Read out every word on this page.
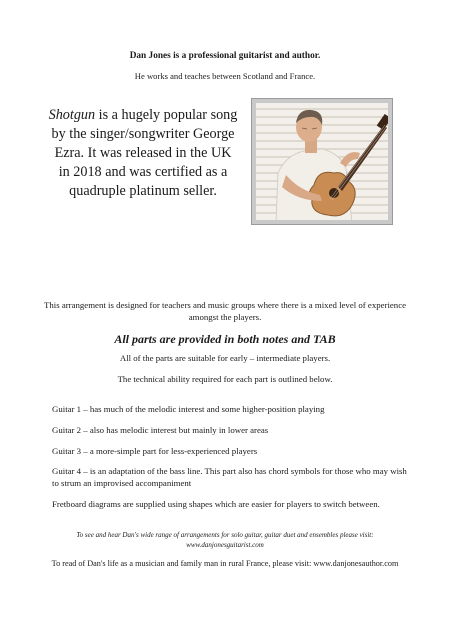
Dan Jones is a professional guitarist and author.
He works and teaches between Scotland and France.
Shotgun is a hugely popular song by the singer/songwriter George Ezra. It was released in the UK in 2018 and was certified as a quadruple platinum seller.
This arrangement is designed for teachers and music groups where there is a mixed level of experience amongst the players.
All parts are provided in both notes and TAB
All of the parts are suitable for early – intermediate players.
The technical ability required for each part is outlined below.

Guitar 1 – has much of the melodic interest and some higher-position playing

Guitar 2 – also has melodic interest but mainly in lower areas

Guitar 3 – a more-simple part for less-experienced players

Guitar 4 – is an adaptation of the bass line. This part also has chord symbols for those who may wish to strum an improvised accompaniment

Fretboard diagrams are supplied using shapes which are easier for players to switch between.

To see and hear Dan's wide range of arrangements for solo guitar, guitar duet and ensembles please visit: www.danjonesguitarist.com
To read of Dan's life as a musician and family man in rural France, please visit: www.danjonesauthor.com
